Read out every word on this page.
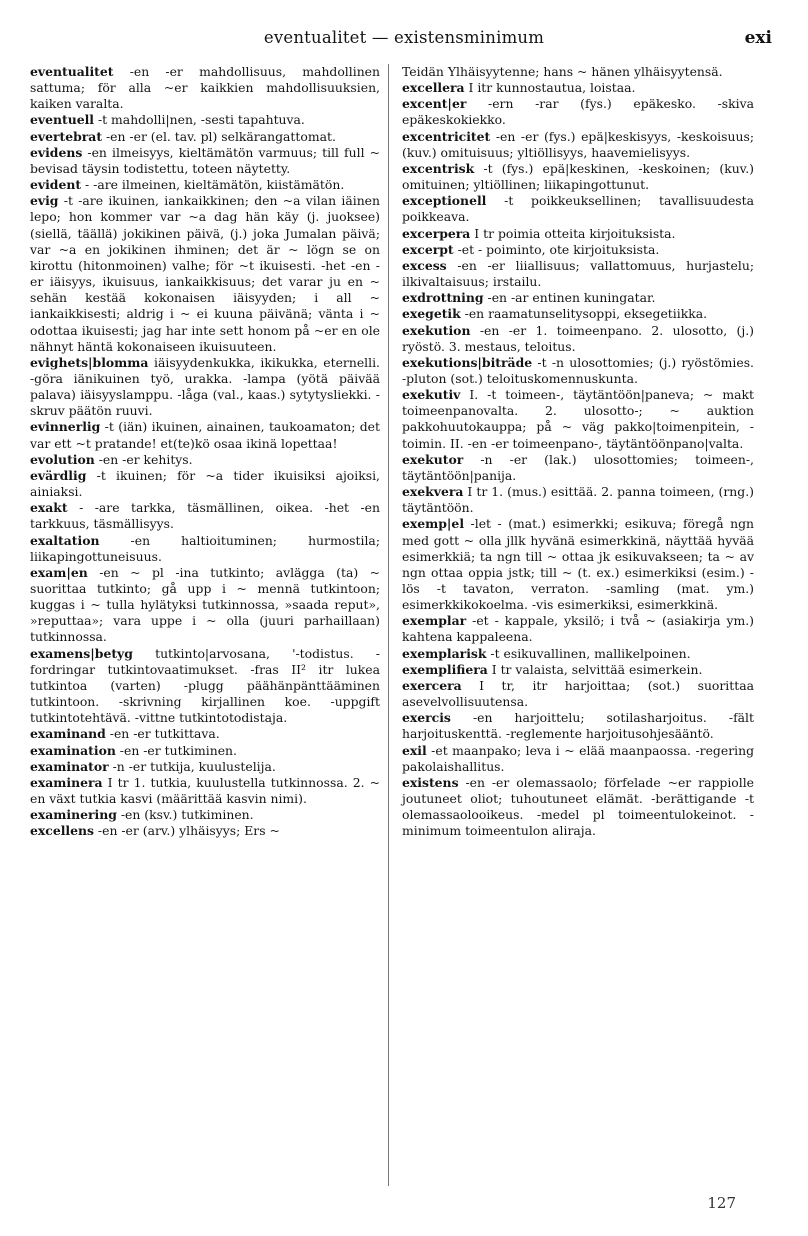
eventualitet — existensminimum	exi

eventualitet -en -er mahdollisuus, mahdollinen sattuma; för alla ~er kaikkien mahdollisuuksien, kaiken varalta.

eventuell -t mahdolli|nen, -sesti tapahtuva.

evertebrat -en -er (el. tav. pl) selkärangattomat.

evidens -en ilmeisyys, kieltämätön varmuus; till full ~ bevisad täysin todistettu, toteen näytetty.

evident - -are ilmeinen, kieltämätön, kiistämätön.

evig -t -are ikuinen, iankaikkinen; den ~a vilan iäinen lepo; hon kommer var ~a dag hän käy (j. juoksee) (siellä, täällä) jokikinen päivä, (j.) joka Jumalan päivä; var ~a en jokikinen ihminen; det är ~ lögn se on kirottu (hitonmoinen) valhe; för ~t ikuisesti. -het -en -er iäisyys, ikuisuus, iankaikkisuus; det varar ju en ~ sehän kestää kokonaisen iäisyyden; i all ~ iankaikkisesti; aldrig i ~ ei kuuna päivänä; vänta i ~ odottaa ikuisesti; jag har inte sett honom på ~er en ole nähnyt häntä kokonaiseen ikuisuuteen.

evighets|blomma iäisyydenkukka, ikikukka, eternelli. -göra iänikuinen työ, urakka. -lampa (yötä päivää palava) iäisyyslamppu. -låga (val., kaas.) sytytysliekki. -skruv päätön ruuvi.

evinnerlig -t (iän) ikuinen, ainainen, taukoamaton; det var ett ~t pratande! et(te)kö osaa ikinä lopettaa!

evolution -en -er kehitys.

evärdlig -t ikuinen; för ~a tider ikuisiksi ajoiksi, ainiaksi.

exakt - -are tarkka, täsmällinen, oikea. -het -en tarkkuus, täsmällisyys.

exaltation -en haltioituminen; hurmostila; liikapingottuneisuus.

exam|en -en ~ pl -ina tutkinto; avlägga (ta) ~ suorittaa tutkinto; gå upp i ~ mennä tutkintoon; kuggas i ~ tulla hylätyksi tutkinnossa, »saada reput», »reputtaa»; vara uppe i ~ olla (juuri parhaillaan) tutkinnossa.

examens|betyg tutkinto|arvosana, '-todistus. -fordringar tutkintovaatimukset. -fras II² itr lukea tutkintoa (varten) -plugg päähänpänttääminen tutkintoon. -skrivning kirjallinen koe. -uppgift tutkintotehtävä. -vittne tutkintotodistaja.

examinand -en -er tutkittava.

examination -en -er tutkiminen.

examinator -n -er tutkija, kuulustelija.

examinera I tr 1. tutkia, kuulustella tutkinnossa. 2. ~ en växt tutkia kasvi (määrittää kasvin nimi).

examinering -en (ksv.) tutkiminen.

excellens -en -er (arv.) ylhäisyys; Ers ~

Teidän Ylhäisyytenne; hans ~ hänen ylhäisyytensä.

excellera I itr kunnostautua, loistaa.

excent|er -ern -rar (fys.) epäkesko. -skiva epäkeskokiekko.

excentricitet -en -er (fys.) epä|keskisyys, -keskoisuus; (kuv.) omituisuus; yltiöllisyys, haavemielisyys.

excentrisk -t (fys.) epä|keskinen, -keskoinen; (kuv.) omituinen; yltiöllinen; liikapingottunut.

exceptionell -t poikkeuksellinen; tavallisuudesta poikkeava.

excerpera I tr poimia otteita kirjoituksista.

excerpt -et - poiminto, ote kirjoituksista.

excess -en -er liiallisuus; vallattomuus, hurjastelu; ilkivaltaisuus; irstailu.

exdrottning -en -ar entinen kuningatar.

exegetik -en raamatunselitysoppi, eksegetiikka.

exekution -en -er 1. toimeenpano. 2. ulosotto, (j.) ryöstö. 3. mestaus, teloitus.

exekutions|biträde -t -n ulosottomies; (j.) ryöstömies. -pluton (sot.) teloituskomennuskunta.

exekutiv I. -t toimeen-, täytäntöön|paneva; ~ makt toimeenpanovalta. 2. ulosotto-; ~ auktion pakkohuutokauppa; på ~ väg pakko|toimenpitein, -toimin. II. -en -er toimeenpano-, täytäntöönpano|valta.

exekutor -n -er (lak.) ulosottomies; toimeen-, täytäntöön|panija.

exekvera I tr 1. (mus.) esittää. 2. panna toimeen, (rng.) täytäntöön.

exemp|el -let - (mat.) esimerkki; esikuva; föregå ngn med gott ~ olla jllk hyvänä esimerkkinä, näyttää hyvää esimerkkiä; ta ngn till ~ ottaa jk esikuvakseen; ta ~ av ngn ottaa oppia jstk; till ~ (t. ex.) esimerkiksi (esim.) -lös -t tavaton, verraton. -samling (mat. ym.) esimerkkikokoelma. -vis esimerkiksi, esimerkkinä.

exemplar -et - kappale, yksilö; i två ~ (asiakirja ym.) kahtena kappaleena.

exemplarisk -t esikuvallinen, mallikelpoinen.

exemplifiera I tr valaista, selvittää esimerkein.

exercera I tr, itr harjoittaa; (sot.) suorittaa asevelvollisuutensa.

exercis -en harjoittelu; sotilasharjoitus. -fält harjoituskenttä. -reglemente harjoitusohjesääntö.

exil -et maanpako; leva i ~ elää maanpaossa. -regering pakolaishallitus.

existens -en -er olemassaolo; förfelade ~er rappiolle joutuneet oliot; tuhoutuneet elämät. -berättigande -t olemassaolooikeus. -medel pl toimeentulokeinot. -minimum toimeentulon aliraja.

127
